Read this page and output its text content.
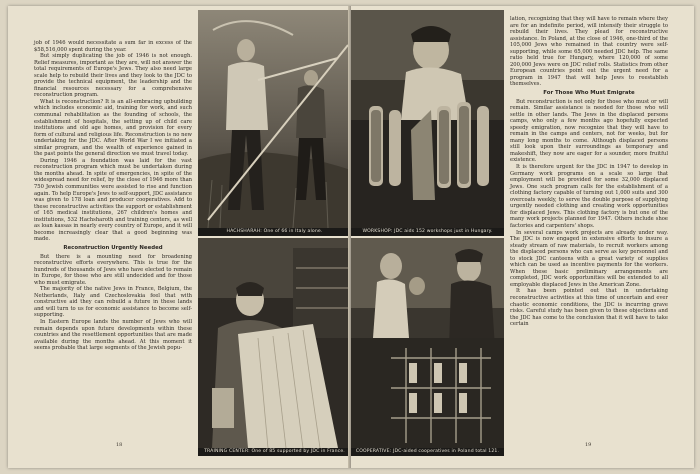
job of 1946 would necessitate a sum far in excess of the $58,516,000 spent during the year.

But simply duplicating the job of 1946 is not enough. Relief measures, important as they are, will not answer the total requirements of Europe's Jews. They also need large scale help to rebuild their lives and they look to the JDC to provide the technical equipment, the leadership and the financial resources necessary for a comprehensive reconstruction program.

What is reconstruction? It is an all-embracing upbuilding which includes economic aid, training for work, and such communal rehabilitation as the founding of schools, the establishment of hospitals, the setting up of child care institutions and old age homes, and provision for every form of cultural and religious life. Reconstruction is no new undertaking for the JDC. After World War I we initiated a similar program, and the wealth of experience gained in the past points the general direction we must travel today.

During 1946 a foundation was laid for the vast reconstruction program which must be undertaken during the months ahead. In spite of emergencies, in spite of the widespread need for relief, by the close of 1946 more than 750 Jewish communities were assisted to rise and function again. To help Europe's Jews to self-support, JDC assistance was given to 178 loan and producer cooperatives. Add to these reconstructive activities the support or establishment of 165 medical institutions, 267 children's homes and institutions, 532 Hachsharoth and training centers, as well as loan kassas in nearly every country of Europe, and it will become increasingly clear that a good beginning was made.

Reconstruction Urgently Needed

But there is a mounting need for broadening reconstructive efforts everywhere. This is true for the hundreds of thousands of Jews who have elected to remain in Europe, for those who are still undecided and for those who must emigrate.

The majority of the native Jews in France, Belgium, the Netherlands, Italy and Czechoslovakia feel that with constructive aid they can rebuild a future in these lands and will turn to us for economic assistance to become self-supporting.

In Eastern Europe lands the number of Jews who will remain depends upon future developments within these countries and the resettlement opportunities that are made available during the months ahead. At this moment it seems probable that large segments of the Jewish popu-

HACHSHARAH: One of 66 in Italy alone.
TRAINING CENTER: One of 85 supported by JDC in France.
18
WORKSHOP: JDC aids 152 workshops just in Hungary.
COOPERATIVE: JDC-aided cooperatives in Poland total 121.

lation, recognizing that they will have to remain where they are for an indefinite period, will intensify their struggle to rebuild their lives. They plead for reconstructive assistance. In Poland, at the close of 1946, one-third of the 105,000 Jews who remained in that country were self-supporting, while some 65,000 needed JDC help. The same ratio held true for Hungary, where 120,000 of some 200,000 Jews were on JDC relief rolls. Statistics from other European countries point out the urgent need for a program in 1947 that will help Jews to reestablish themselves.

For Those Who Must Emigrate

But reconstruction is not only for those who must or will remain. Similar assistance is needed for those who will settle in other lands. The Jews in the displaced persons camps, who only a few months ago hopefully expected speedy emigration, now recognize that they will have to remain in the camps and centers, not for weeks, but for many long months to come. Although displaced persons still look upon their surroundings as temporary and makeshift, they now are eager for a sounder, more fruitful existence.

It is therefore urgent for the JDC in 1947 to develop in Germany work programs on a scale so large that employment will be provided for some 32,000 displaced Jews. One such program calls for the establishment of a clothing factory capable of turning out 1,000 suits and 300 overcoats weekly, to serve the double purpose of supplying urgently needed clothing and creating work opportunities for displaced Jews. This clothing factory is but one of the many work projects planned for 1947. Others include shoe factories and carpenters' shops.

In several camps work projects are already under way. The JDC is now engaged in extensive efforts to insure a steady stream of raw materials, to recruit workers among the displaced persons who can serve as key personnel and to stock JDC canteens with a great variety of supplies which can be used as incentive payments for the workers. When these basic preliminary arrangements are completed, JDC work opportunities will be extended to all employable displaced Jews in the American Zone.

It has been pointed out that in undertaking reconstructive activities at this time of uncertain and ever chaotic economic conditions, the JDC is incurring grave risks. Careful study has been given to these objections and the JDC has come to the conclusion that it will have to take certain

19
